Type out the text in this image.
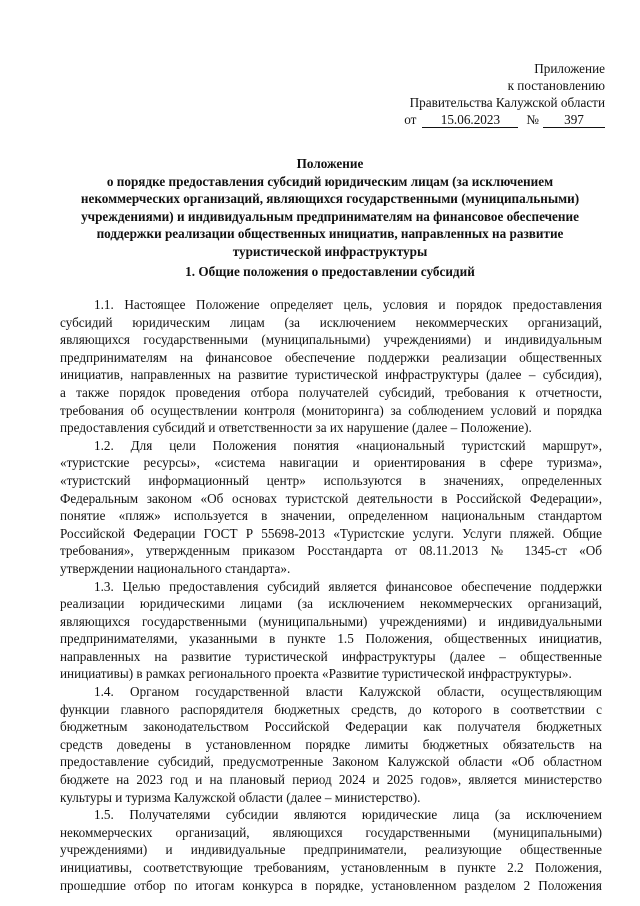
Приложение
к постановлению
Правительства Калужской области
от 15.06.2023 № 397
Положение
о порядке предоставления субсидий юридическим лицам (за исключением
некоммерческих организаций, являющихся государственными (муниципальными)
учреждениями) и индивидуальным предпринимателям на финансовое обеспечение
поддержки реализации общественных инициатив, направленных на развитие
туристической инфраструктуры
1. Общие положения о предоставлении субсидий
1.1. Настоящее Положение определяет цель, условия и порядок предоставления
субсидий юридическим лицам (за исключением некоммерческих организаций,
являющихся государственными (муниципальными) учреждениями) и индивидуальным
предпринимателям на финансовое обеспечение поддержки реализации общественных
инициатив, направленных на развитие туристической инфраструктуры (далее – субсидия),
а также порядок проведения отбора получателей субсидий, требования к отчетности,
требования об осуществлении контроля (мониторинга) за соблюдением условий и порядка
предоставления субсидий и ответственности за их нарушение (далее – Положение).
1.2. Для цели Положения понятия «национальный туристский маршрут»,
«туристские ресурсы», «система навигации и ориентирования в сфере туризма»,
«туристский информационный центр» используются в значениях, определенных
Федеральным законом «Об основах туристской деятельности в Российской Федерации»,
понятие «пляж» используется в значении, определенном национальным стандартом
Российской Федерации ГОСТ Р 55698-2013 «Туристские услуги. Услуги пляжей. Общие
требования», утвержденным приказом Росстандарта от 08.11.2013 № 1345-ст «Об
утверждении национального стандарта».
1.3. Целью предоставления субсидий является финансовое обеспечение поддержки
реализации юридическими лицами (за исключением некоммерческих организаций,
являющихся государственными (муниципальными) учреждениями) и индивидуальными
предпринимателями, указанными в пункте 1.5 Положения, общественных инициатив,
направленных на развитие туристической инфраструктуры (далее – общественные
инициативы) в рамках регионального проекта «Развитие туристической инфраструктуры».
1.4. Органом государственной власти Калужской области, осуществляющим
функции главного распорядителя бюджетных средств, до которого в соответствии с
бюджетным законодательством Российской Федерации как получателя бюджетных
средств доведены в установленном порядке лимиты бюджетных обязательств на
предоставление субсидий, предусмотренные Законом Калужской области «Об областном
бюджете на 2023 год и на плановый период 2024 и 2025 годов», является министерство
культуры и туризма Калужской области (далее – министерство).
1.5. Получателями субсидии являются юридические лица (за исключением
некоммерческих организаций, являющихся государственными (муниципальными)
учреждениями) и индивидуальные предприниматели, реализующие общественные
инициативы, соответствующие требованиям, установленным в пункте 2.2 Положения,
прошедшие отбор по итогам конкурса в порядке, установленном разделом 2 Положения
